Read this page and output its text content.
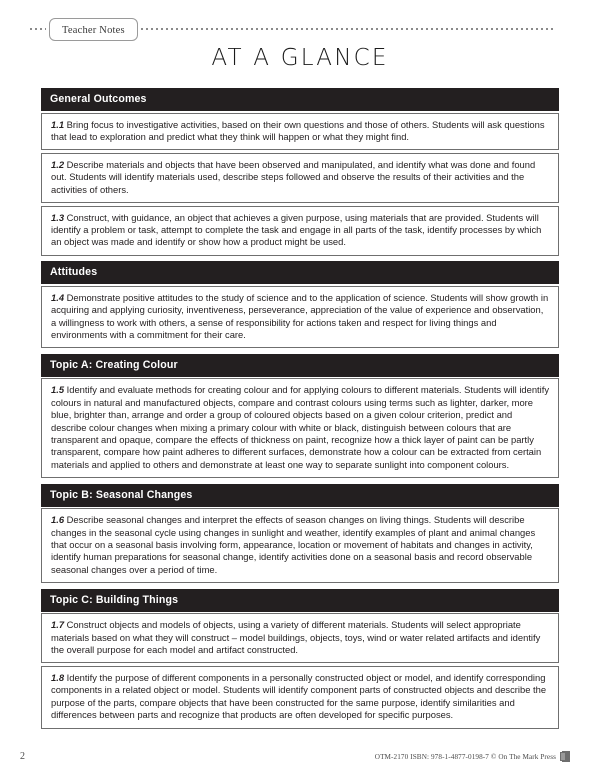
Teacher Notes
AT A GLANCE
General Outcomes

1.1 Bring focus to investigative activities, based on their own questions and those of others. Students will ask questions that lead to exploration and predict what they think will happen or what they might find.

1.2 Describe materials and objects that have been observed and manipulated, and identify what was done and found out. Students will identify materials used, describe steps followed and observe the results of their activities and the activities of others.

1.3 Construct, with guidance, an object that achieves a given purpose, using materials that are provided. Students will identify a problem or task, attempt to complete the task and engage in all parts of the task, identify processes by which an object was made and identify or show how a product might be used.

Attitudes

1.4 Demonstrate positive attitudes to the study of science and to the application of science. Students will show growth in acquiring and applying curiosity, inventiveness, perseverance, appreciation of the value of experience and observation, a willingness to work with others, a sense of responsibility for actions taken and respect for living things and environments with a commitment for their care.

Topic A: Creating Colour

1.5 Identify and evaluate methods for creating colour and for applying colours to different materials. Students will identify colours in natural and manufactured objects, compare and contrast colours using terms such as lighter, darker, more blue, brighter than, arrange and order a group of coloured objects based on a given colour criterion, predict and describe colour changes when mixing a primary colour with white or black, distinguish between colours that are transparent and opaque, compare the effects of thickness on paint, recognize how a thick layer of paint can be partly transparent, compare how paint adheres to different surfaces, demonstrate how a colour can be extracted from certain materials and applied to others and demonstrate at least one way to separate sunlight into component colours.

Topic B: Seasonal Changes

1.6 Describe seasonal changes and interpret the effects of season changes on living things. Students will describe changes in the seasonal cycle using changes in sunlight and weather, identify examples of plant and animal changes that occur on a seasonal basis involving form, appearance, location or movement of habitats and changes in activity, identify human preparations for seasonal change, identify activities done on a seasonal basis and record observable seasonal changes over a period of time.

Topic C: Building Things

1.7 Construct objects and models of objects, using a variety of different materials. Students will select appropriate materials based on what they will construct – model buildings, objects, toys, wind or water related artifacts and identify the overall purpose for each model and artifact constructed.

1.8 Identify the purpose of different components in a personally constructed object or model, and identify corresponding components in a related object or model. Students will identify component parts of constructed objects and describe the purpose of the parts, compare objects that have been constructed for the same purpose, identify similarities and differences between parts and recognize that products are often developed for specific purposes.

2	OTM-2170 ISBN: 978-1-4877-0198-7 © On The Mark Press
